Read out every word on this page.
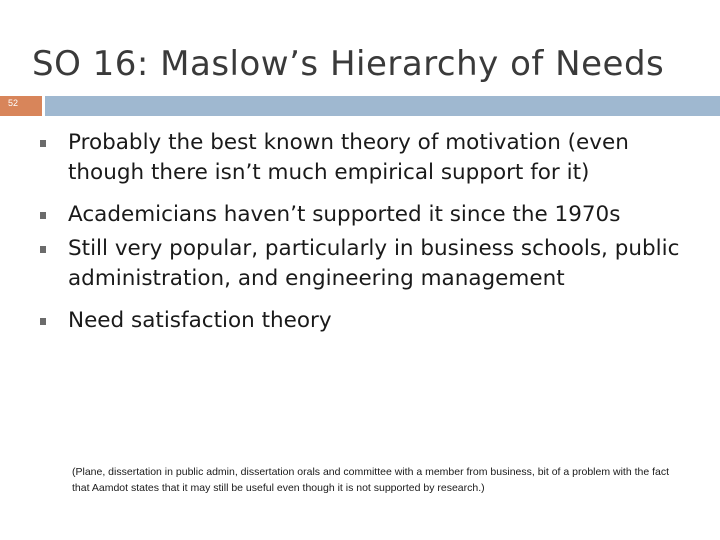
SO 16: Maslow’s Hierarchy of Needs
52
Probably the best known theory of motivation (even though there isn’t much empirical support for it)
Academicians haven’t supported it since the 1970s
Still very popular, particularly in business schools, public administration, and engineering management
Need satisfaction theory
(Plane, dissertation in public admin, dissertation orals and committee with a member from business, bit of a problem with the fact that Aamdot states that it may still be useful even though it is not supported by research.)
